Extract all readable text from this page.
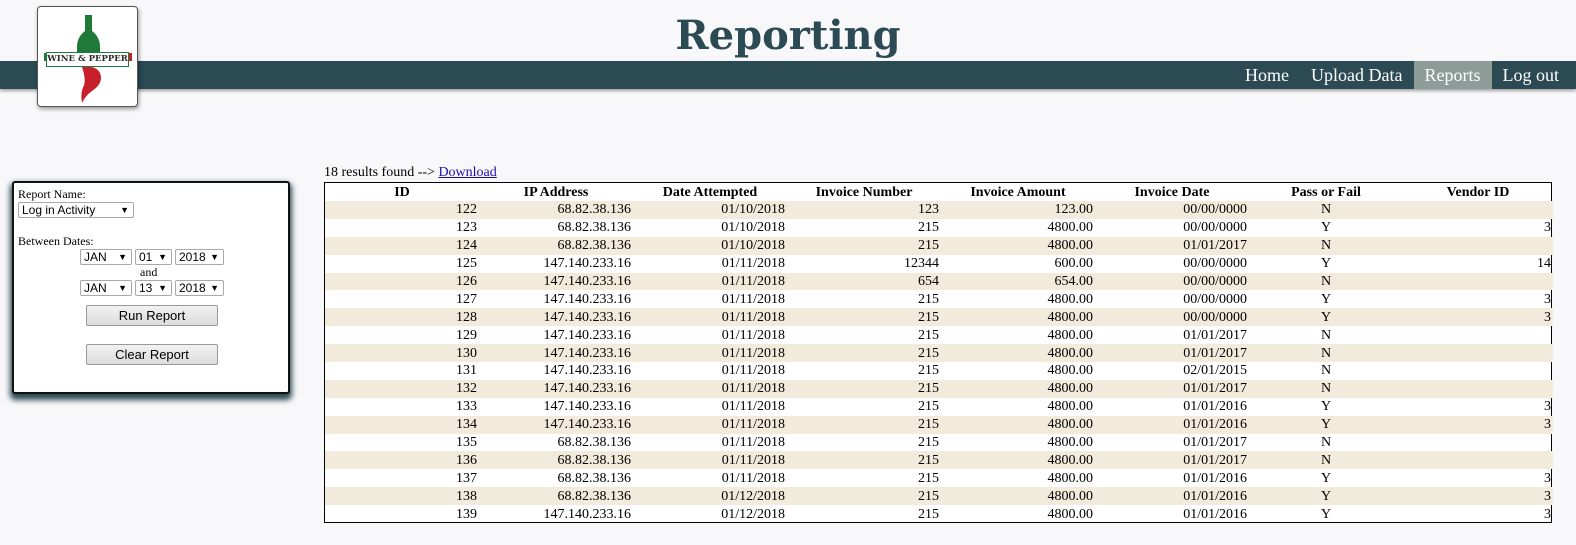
Reporting
Home	Upload Data	Reports	Log out
WINE & PEPPER
Report Name:
Log in Activity	▼
Between Dates:
JAN ▼	01 ▼	2018 ▼
and
JAN ▼	13 ▼	2018 ▼
Run Report
Clear Report
18 results found --> Download
ID	IP Address	Date Attempted	Invoice Number	Invoice Amount	Invoice Date	Pass or Fail	Vendor ID
122	68.82.38.136	01/10/2018	123	123.00	00/00/0000	N	
123	68.82.38.136	01/10/2018	215	4800.00	00/00/0000	Y	3
124	68.82.38.136	01/10/2018	215	4800.00	01/01/2017	N	
125	147.140.233.16	01/11/2018	12344	600.00	00/00/0000	Y	14
126	147.140.233.16	01/11/2018	654	654.00	00/00/0000	N	
127	147.140.233.16	01/11/2018	215	4800.00	00/00/0000	Y	3
128	147.140.233.16	01/11/2018	215	4800.00	00/00/0000	Y	3
129	147.140.233.16	01/11/2018	215	4800.00	01/01/2017	N	
130	147.140.233.16	01/11/2018	215	4800.00	01/01/2017	N	
131	147.140.233.16	01/11/2018	215	4800.00	02/01/2015	N	
132	147.140.233.16	01/11/2018	215	4800.00	01/01/2017	N	
133	147.140.233.16	01/11/2018	215	4800.00	01/01/2016	Y	3
134	147.140.233.16	01/11/2018	215	4800.00	01/01/2016	Y	3
135	68.82.38.136	01/11/2018	215	4800.00	01/01/2017	N	
136	68.82.38.136	01/11/2018	215	4800.00	01/01/2017	N	
137	68.82.38.136	01/11/2018	215	4800.00	01/01/2016	Y	3
138	68.82.38.136	01/12/2018	215	4800.00	01/01/2016	Y	3
139	147.140.233.16	01/12/2018	215	4800.00	01/01/2016	Y	3
